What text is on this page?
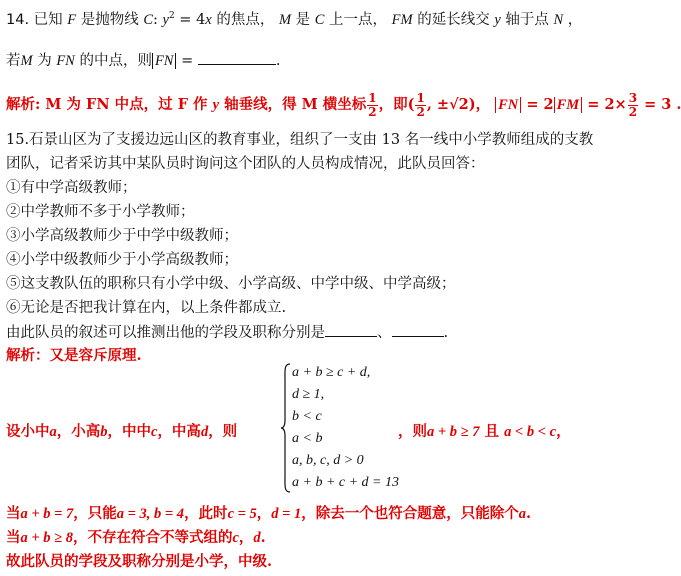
14. 已知 F 是抛物线 C: $y^2 = 4x$ 的焦点， M 是 C 上一点， FM 的延长线交 y 轴于点 N ，
若M 为 FN 的中点，则 FN =	.
解析: M 为 FN 中点，过 F 作 y 轴垂线，得 M 横坐标 $\frac{1}{2}$ ，即( $\frac{1}{2}$ , ±√2)， FN = 2 FM = $2\times \frac{3}{2} = 3$ .
15.石景山区为了支援边远山区的教育事业，组织了一支由 13 名一线中小学教师组成的支教
团队，记者采访其中某队员时询问这个团队的人员构成情况，此队员回答：
①有中学高级教师；
②中学教师不多于小学教师；
③小学高级教师少于中学中级教师；
④小学中级教师少于小学高级教师；
⑤这支教队伍的职称只有小学中级、小学高级、中学中级、中学高级；
⑥无论是否把我计算在内，以上条件都成立.
由此队员的叙述可以推测出他的学段及职称分别是	、	.
解析：又是容斥原理.
设小中a，小高b，中中c，中高d，则
a + b ≥ c + d,
d ≥ 1,
b < c
a < b
a, b, c, d > 0
a + b + c + d = 13
，则a + b ≥ 7 且 a < b < c，
当a + b = 7，只能a = 3, b = 4，此时c = 5，d = 1，除去一个也符合题意，只能除个a.
当a + b ≥ 8，不存在符合不等式组的c，d.
故此队员的学段及职称分别是小学，中级.
